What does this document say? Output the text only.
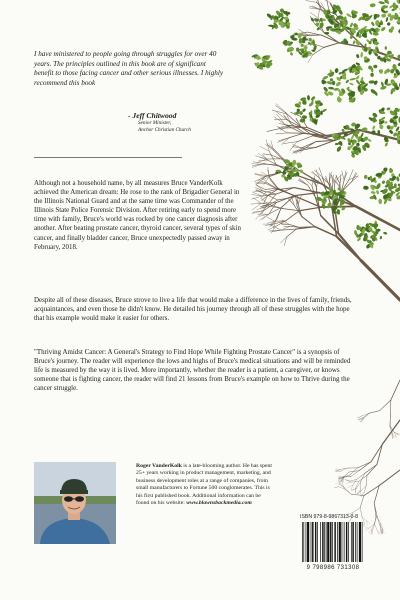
I have ministered to people going through struggles for over 40 years. The principles outlined in this book are of significant benefit to those facing cancer and other serious illnesses. I highly recommend this book
- Jeff Chitwood
Senior Minister,
Anchor Christian Church

Although not a household name, by all measures Bruce VanderKolk achieved the American dream: He rose to the rank of Brigadier General in the Illinois National Guard and at the same time was Commander of the Illinois State Police Forensic Division. After retiring early to spend more time with family, Bruce's world was rocked by one cancer diagnosis after another. After beating prostate cancer, thyroid cancer, several types of skin cancer, and finally bladder cancer, Bruce unexpectedly passed away in February, 2018.

Despite all of these diseases, Bruce strove to live a life that would make a difference in the lives of family, friends, acquaintances, and even those he didn't know. He detailed his journey through all of these struggles with the hope that his example would make it easier for others.

"Thriving Amidst Cancer: A General's Strategy to Find Hope While Fighting Prostate Cancer" is a synopsis of Bruce's journey. The reader will experience the lows and highs of Bruce's medical situations and will be reminded life is measured by the way it is lived. More importantly, whether the reader is a patient, a caregiver, or knows someone that is fighting cancer, the reader will find 21 lessons from Bruce's example on how to Thrive during the cancer struggle.

Roger VanderKolk is a late-blooming author. He has spent 25+ years working in product management, marketing, and business development roles at a range of companies, from small manufacturers to Fortune 500 conglomerates. This is his first published book. Additional information can be found on his website: www.blawnsbackmedia.com
ISBN 979-8-9867313-0-8
9 798986 731308
